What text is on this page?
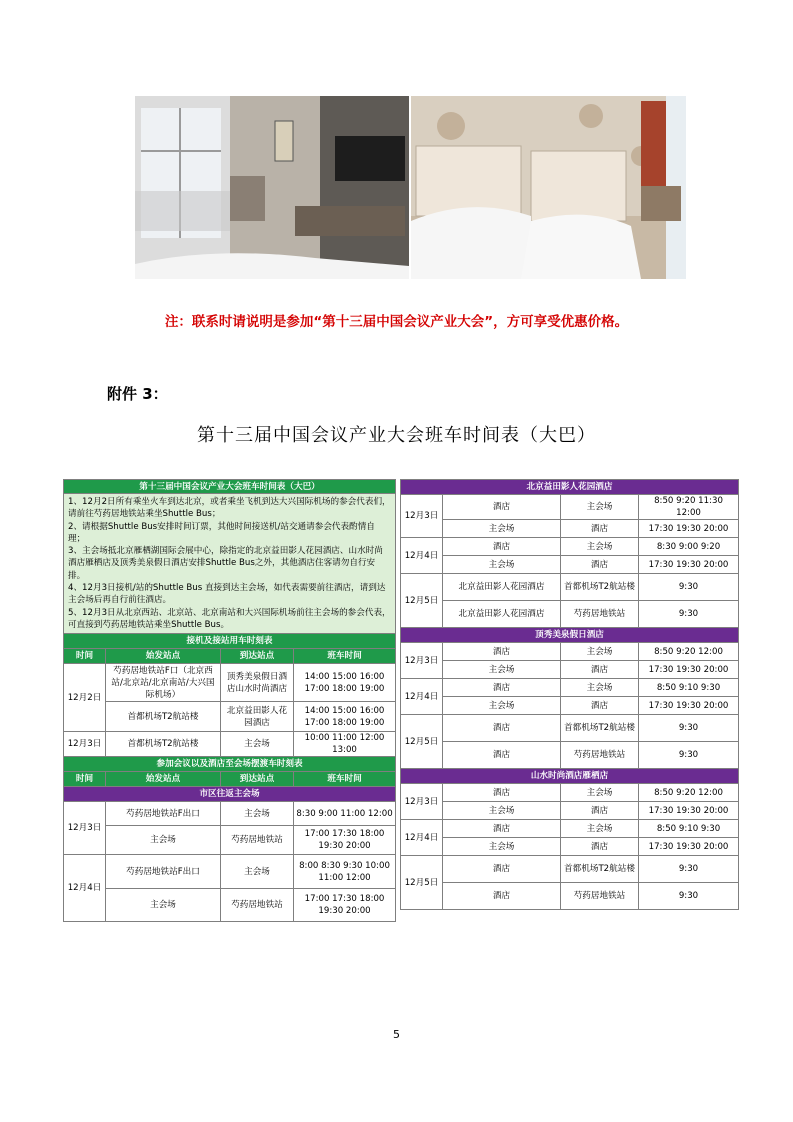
注：联系时请说明是参加“第十三届中国会议产业大会”，方可享受优惠价格。
附件 3：
第十三届中国会议产业大会班车时间表（大巴）
第十三届中国会议产业大会班车时间表（大巴）			

1、12月2日所有乘坐火车到达北京，或者乘坐飞机到达大兴国际机场的参会代表们，请前往芍药居地铁站乘坐Shuttle Bus；
2、请根据Shuttle Bus安排时间订票，其他时间接送机/站交通请参会代表酌情自理；
3、主会场抵北京雁栖湖国际会展中心，除指定的北京益田影人花园酒店、山水时尚酒店雁栖店及顶秀美泉假日酒店安排Shuttle Bus之外，其他酒店住客请勿自行安排。
4、12月3日接机/站的Shuttle Bus 直接到达主会场，如代表需要前往酒店，请到达主会场后再自行前往酒店。
5、12月3日从北京西站、北京站、北京南站和大兴国际机场前往主会场的参会代表，可直接到芍药居地铁站乘坐Shuttle Bus。			

接机及接站用车时刻表			
时间	始发站点	到达站点	班车时间
12月2日	芍药居地铁站F口（北京西站/北京站/北京南站/大兴国际机场）	顶秀美泉假日酒店山水时尚酒店	14:00 15:00 16:00 17:00 18:00 19:00
	首都机场T2航站楼	北京益田影人花园酒店	14:00 15:00 16:00 17:00 18:00 19:00
12月3日	首都机场T2航站楼	主会场	10:00 11:00 12:00 13:00
参加会议以及酒店至会场摆渡车时刻表			
时间	始发站点	到达站点	班车时间
市区往返主会场			
12月3日	芍药居地铁站F出口	主会场	8:30 9:00 11:00 12:00
	主会场	芍药居地铁站	17:00 17:30 18:00 19:30 20:00
12月4日	芍药居地铁站F出口	主会场	8:00 8:30 9:30 10:00 11:00 12:00
	主会场	芍药居地铁站	17:00 17:30 18:00 19:30 20:00
北京益田影人花园酒店			
12月3日	酒店	主会场	8:50 9:20 11:30 12:00
	主会场	酒店	17:30 19:30 20:00
12月4日	酒店	主会场	8:30 9:00 9:20
	主会场	酒店	17:30 19:30 20:00
12月5日	北京益田影人花园酒店	首都机场T2航站楼	9:30
	北京益田影人花园酒店	芍药居地铁站	9:30
顶秀美泉假日酒店			
12月3日	酒店	主会场	8:50 9:20 12:00
	主会场	酒店	17:30 19:30 20:00
12月4日	酒店	主会场	8:50 9:10 9:30
	主会场	酒店	17:30 19:30 20:00
12月5日	酒店	首都机场T2航站楼	9:30
	酒店	芍药居地铁站	9:30
山水时尚酒店雁栖店			
12月3日	酒店	主会场	8:50 9:20 12:00
	主会场	酒店	17:30 19:30 20:00
12月4日	酒店	主会场	8:50 9:10 9:30
	主会场	酒店	17:30 19:30 20:00
12月5日	酒店	首都机场T2航站楼	9:30
	酒店	芍药居地铁站	9:30
5
